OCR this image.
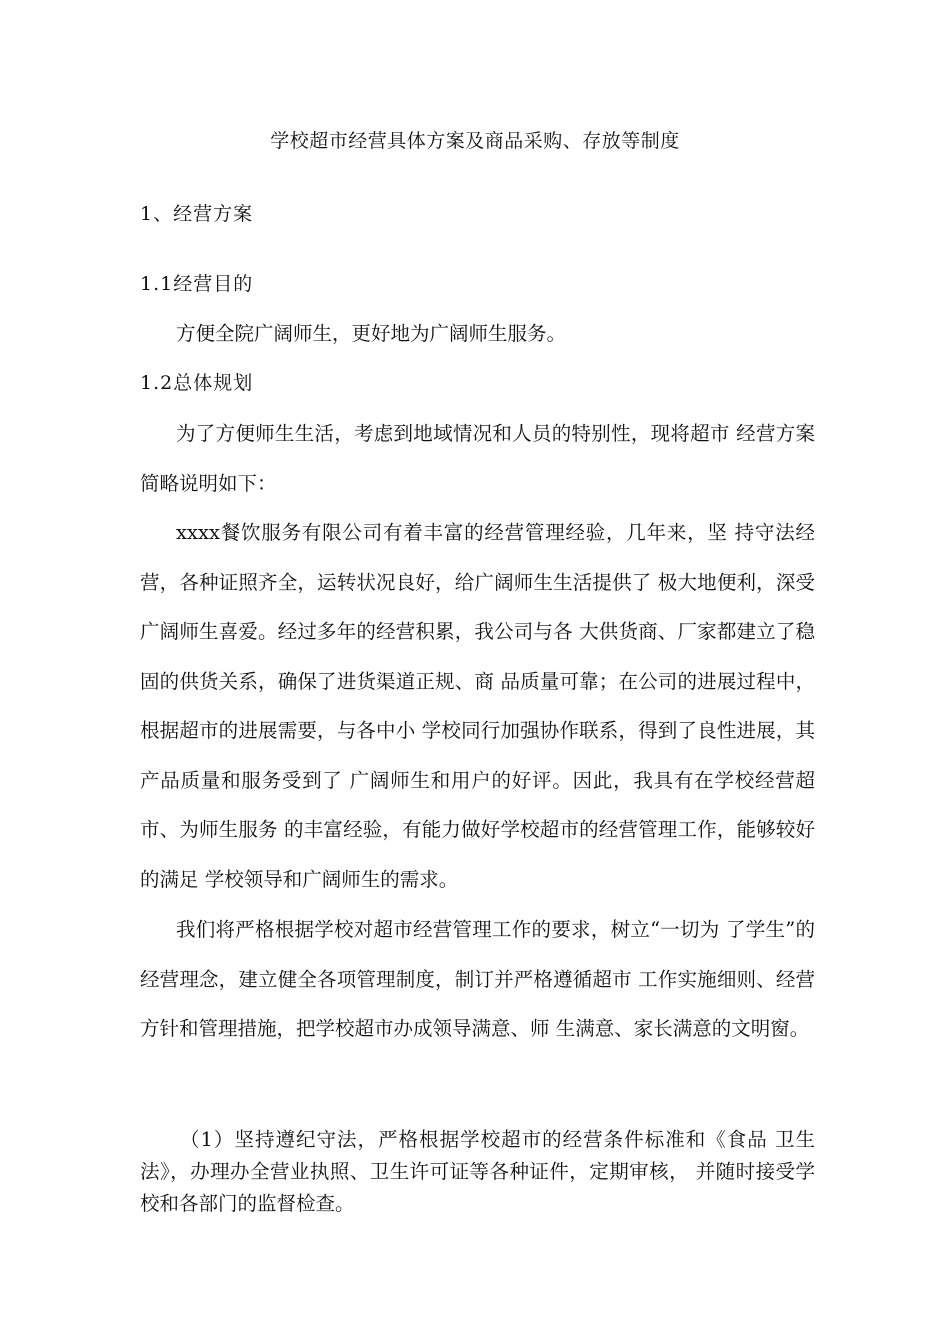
学校超市经营具体方案及商品采购、存放等制度
1、经营方案
1.1经营目的

方便全院广阔师生，更好地为广阔师生服务。

1.2总体规划

为了方便师生生活，考虑到地域情况和人员的特别性，现将超市 经营方案简略说明如下：

xxxx餐饮服务有限公司有着丰富的经营管理经验，几年来，坚 持守法经营，各种证照齐全，运转状况良好，给广阔师生生活提供了 极大地便利，深受广阔师生喜爱。经过多年的经营积累，我公司与各 大供货商、厂家都建立了稳固的供货关系，确保了进货渠道正规、商 品质量可靠；在公司的进展过程中，根据超市的进展需要，与各中小 学校同行加强协作联系，得到了良性进展，其产品质量和服务受到了 广阔师生和用户的好评。因此，我具有在学校经营超市、为师生服务 的丰富经验，有能力做好学校超市的经营管理工作，能够较好的满足 学校领导和广阔师生的需求。

我们将严格根据学校对超市经营管理工作的要求，树立“一切为 了学生”的经营理念，建立健全各项管理制度，制订并严格遵循超市 工作实施细则、经营方针和管理措施，把学校超市办成领导满意、师 生满意、家长满意的文明窗。

（1）坚持遵纪守法，严格根据学校超市的经营条件标准和《食品 卫生法》，办理办全营业执照、卫生许可证等各种证件，定期审核， 并随时接受学校和各部门的监督检查。
